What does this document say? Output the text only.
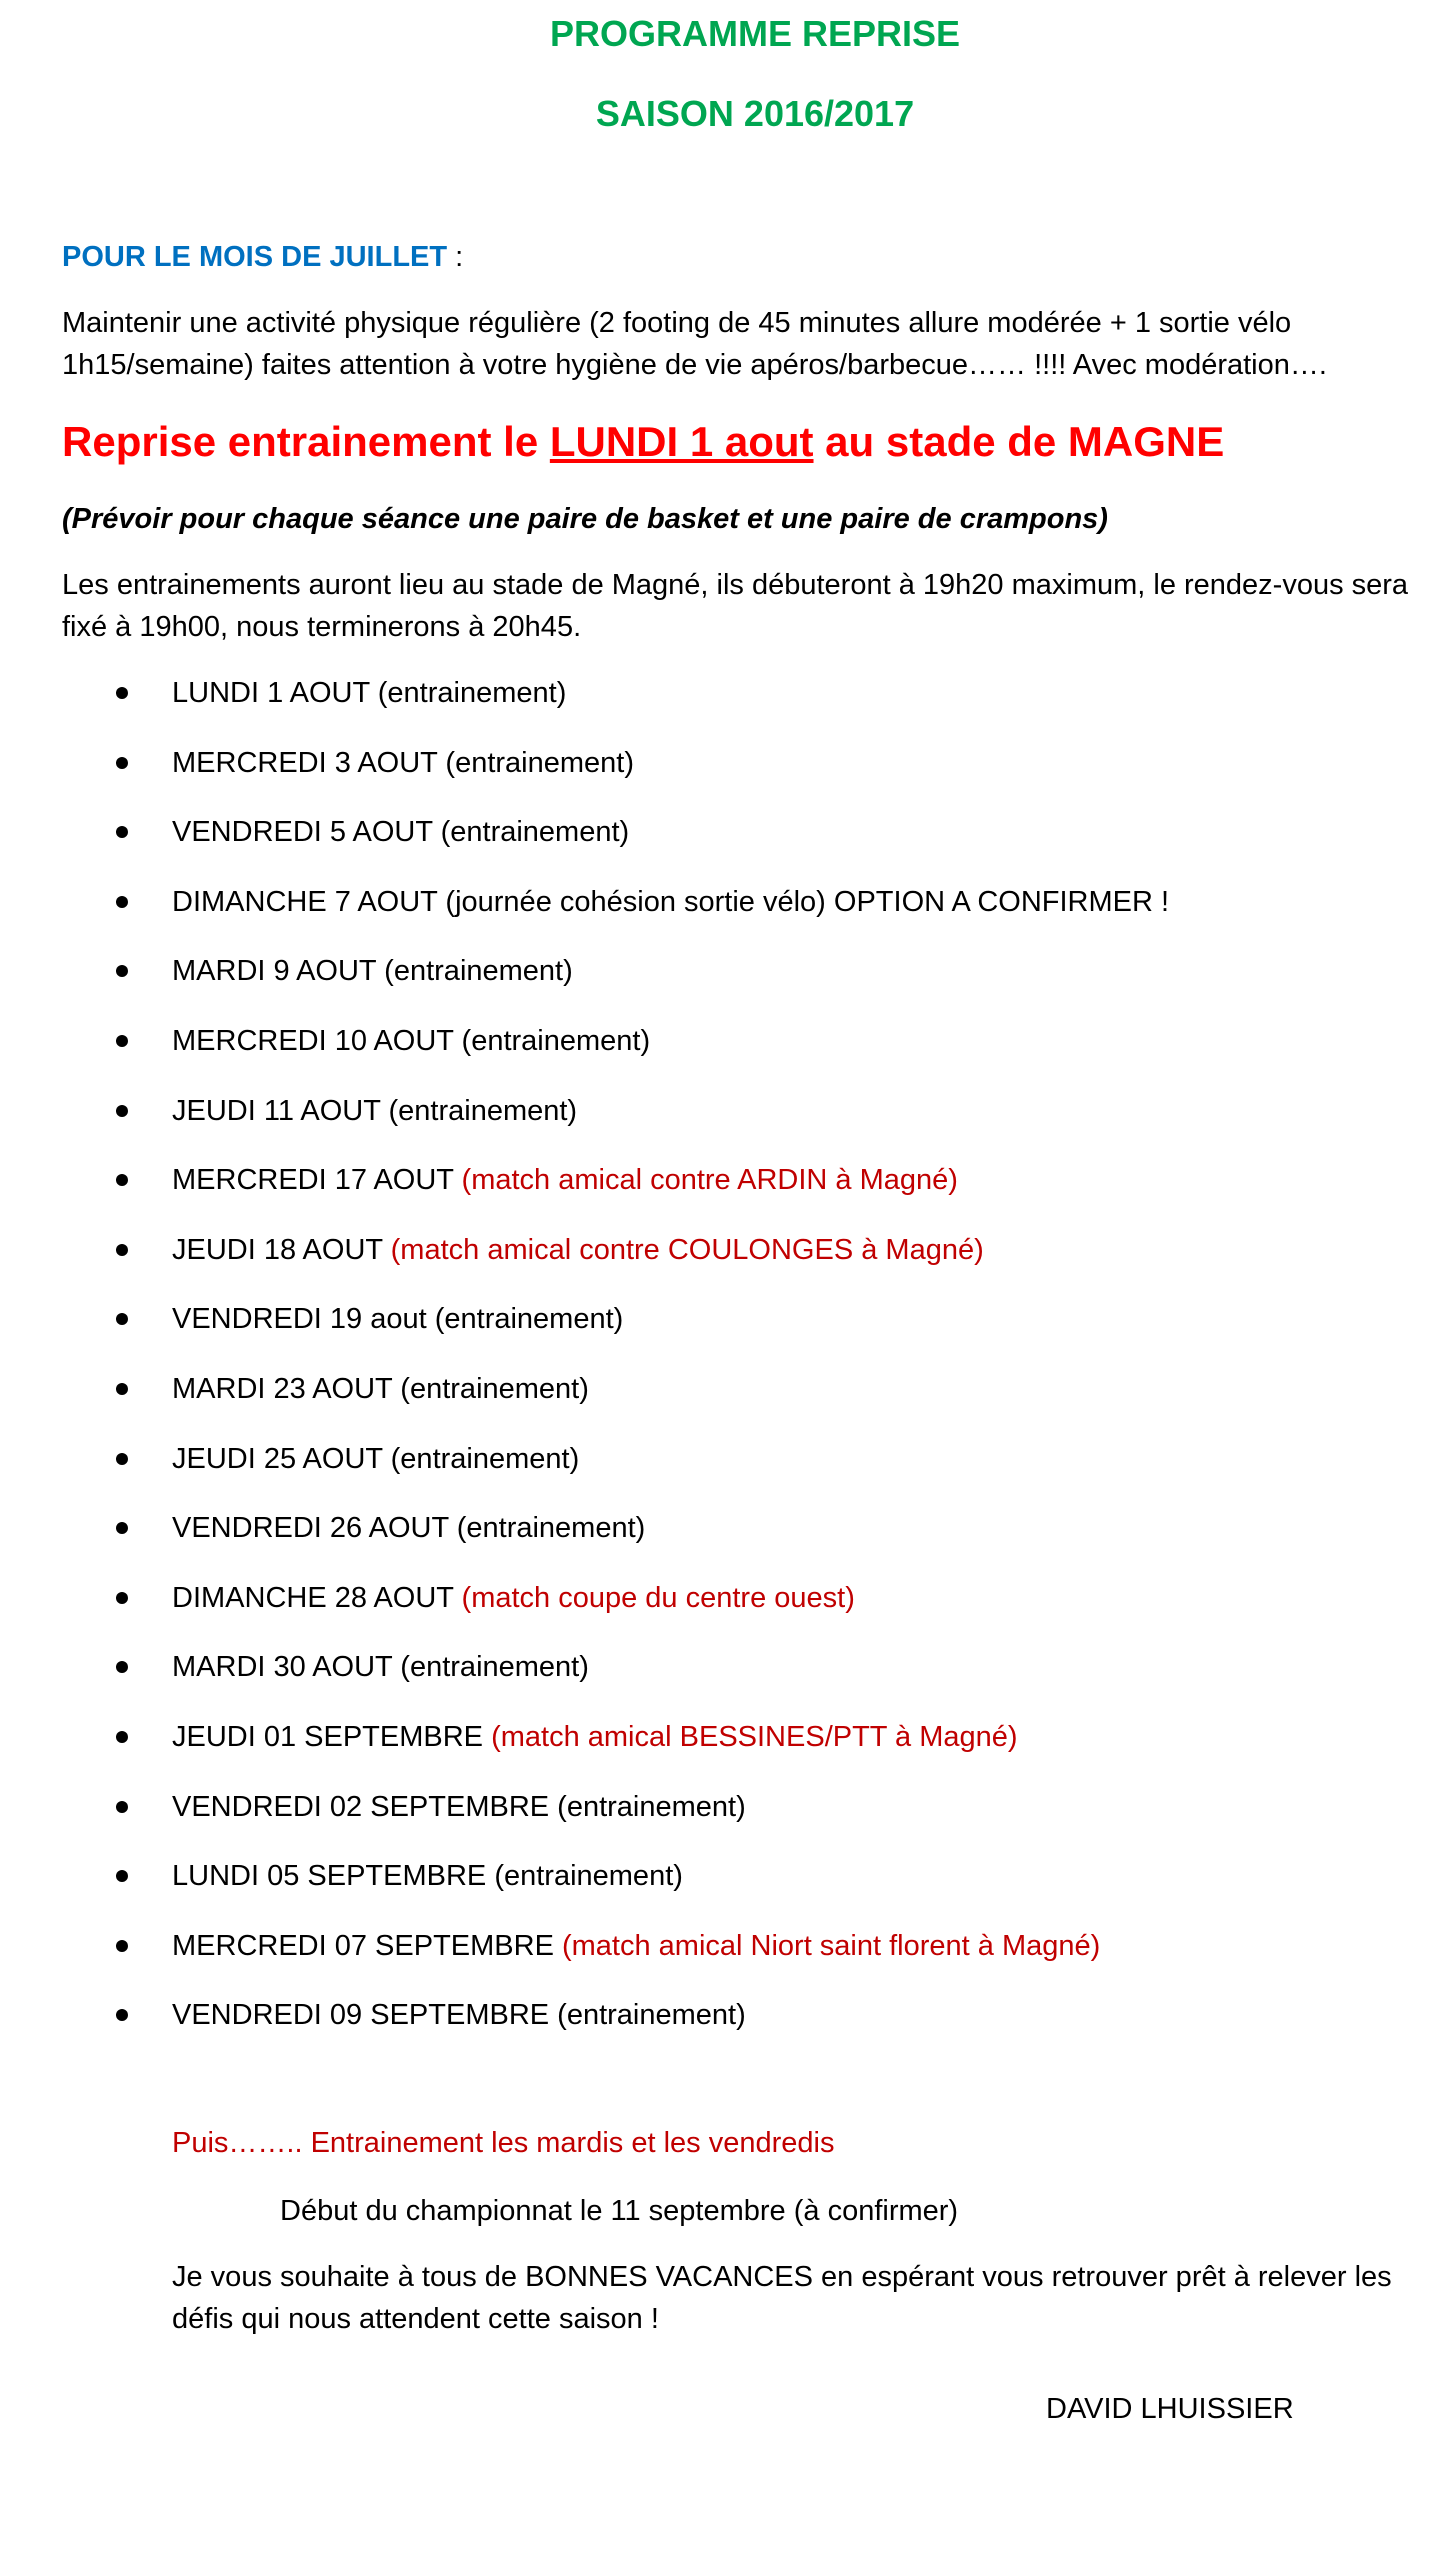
PROGRAMME REPRISE
SAISON 2016/2017
POUR LE MOIS DE JUILLET :
Maintenir une activité physique régulière (2 footing de 45 minutes allure modérée + 1 sortie vélo 1h15/semaine) faites attention à votre hygiène de vie apéros/barbecue…… !!!! Avec modération….
Reprise entrainement le LUNDI 1 aout au stade de MAGNE
(Prévoir pour chaque séance une paire de basket et une paire de crampons)
Les entrainements auront lieu au stade de Magné, ils débuteront à 19h20 maximum, le rendez-vous sera fixé à 19h00, nous terminerons à 20h45.
LUNDI 1 AOUT (entrainement)
MERCREDI 3 AOUT (entrainement)
VENDREDI 5 AOUT (entrainement)
DIMANCHE 7 AOUT (journée cohésion sortie vélo) OPTION A CONFIRMER !
MARDI 9 AOUT (entrainement)
MERCREDI 10 AOUT (entrainement)
JEUDI 11 AOUT (entrainement)
MERCREDI 17 AOUT (match amical contre ARDIN à Magné)
JEUDI 18 AOUT (match amical contre COULONGES à Magné)
VENDREDI 19 aout (entrainement)
MARDI 23 AOUT (entrainement)
JEUDI 25 AOUT (entrainement)
VENDREDI 26 AOUT (entrainement)
DIMANCHE 28 AOUT (match coupe du centre ouest)
MARDI 30 AOUT (entrainement)
JEUDI 01 SEPTEMBRE (match amical BESSINES/PTT à Magné)
VENDREDI 02 SEPTEMBRE (entrainement)
LUNDI 05 SEPTEMBRE (entrainement)
MERCREDI 07 SEPTEMBRE (match amical Niort saint florent à Magné)
VENDREDI 09 SEPTEMBRE (entrainement)
Puis…….. Entrainement les mardis et les vendredis
Début du championnat le 11 septembre (à confirmer)
Je vous souhaite à tous de BONNES VACANCES en espérant vous retrouver prêt à relever les défis qui nous attendent cette saison !
DAVID LHUISSIER
